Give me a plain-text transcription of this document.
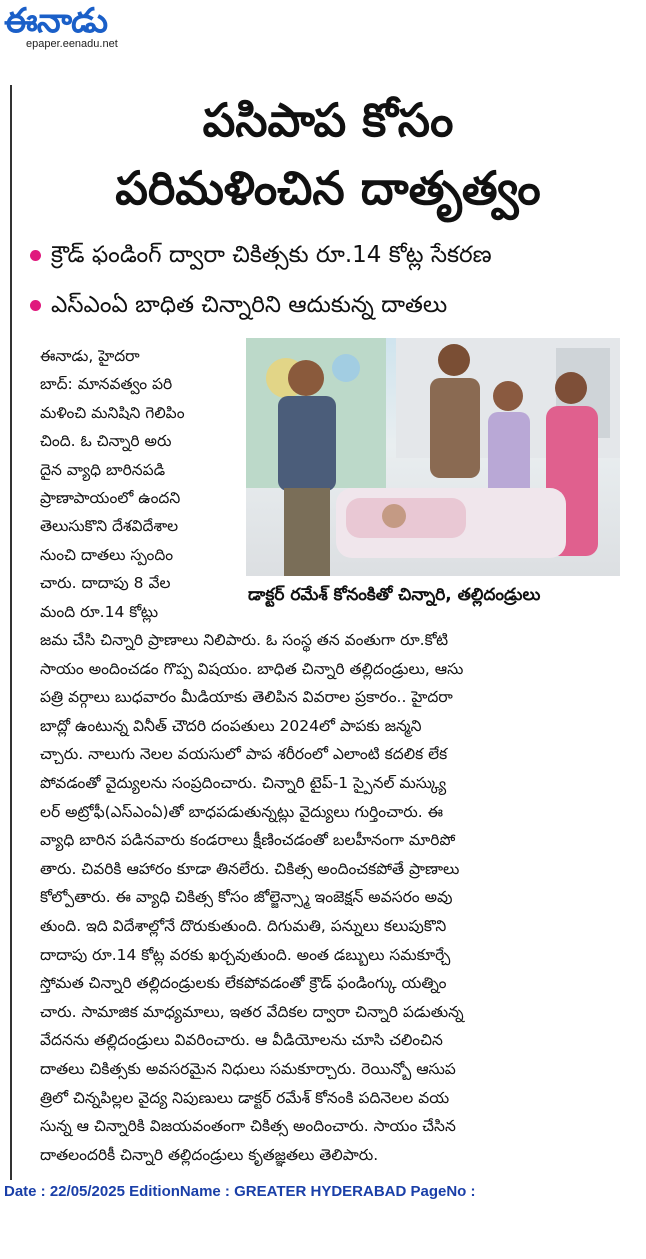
ఈనాడు
epaper.eenadu.net
పసిపాప కోసం
పరిమళించిన దాతృత్వం
క్రౌడ్ ఫండింగ్ ద్వారా చికిత్సకు రూ.14 కోట్ల సేకరణ
ఎస్ఎంఏ బాధిత చిన్నారిని ఆదుకున్న దాతలు
ఈనాడు, హైదరా
బాద్: మానవత్వం పరి
మళించి మనిషిని గెలిపిం
చింది. ఓ చిన్నారి అరు
దైన వ్యాధి బారినపడి
ప్రాణాపాయంలో ఉందని
తెలుసుకొని దేశవిదేశాల
నుంచి దాతలు స్పందిం
చారు. దాదాపు 8 వేల
మంది రూ.14 కోట్లు
జమ చేసి చిన్నారి ప్రాణాలు నిలిపారు. ఓ సంస్థ తన వంతుగా రూ.కోటి
సాయం అందించడం గొప్ప విషయం. బాధిత చిన్నారి తల్లిదండ్రులు, ఆసు
పత్రి వర్గాలు బుధవారం మీడియాకు తెలిపిన వివరాల ప్రకారం.. హైదరా
బాద్లో ఉంటున్న వినీత్ చౌదరి దంపతులు 2024లో పాపకు జన్మని
చ్చారు. నాలుగు నెలల వయసులో పాప శరీరంలో ఎలాంటి కదలిక లేక
పోవడంతో వైద్యులను సంప్రదించారు. చిన్నారి టైప్-1 స్పైనల్ మస్క్యు
లర్ అట్రోఫీ(ఎస్ఎంఏ)తో బాధపడుతున్నట్లు వైద్యులు గుర్తించారు. ఈ
వ్యాధి బారిన పడినవారు కండరాలు క్షీణించడంతో బలహీనంగా మారిపో
తారు. చివరికి ఆహారం కూడా తినలేరు. చికిత్స అందించకపోతే ప్రాణాలు
కోల్పోతారు. ఈ వ్యాధి చికిత్స కోసం జోల్జెన్స్మా ఇంజెక్షన్ అవసరం అవు
తుంది. ఇది విదేశాల్లోనే దొరుకుతుంది. దిగుమతి, పన్నులు కలుపుకొని
దాదాపు రూ.14 కోట్ల వరకు ఖర్చవుతుంది. అంత డబ్బులు సమకూర్చే
స్తోమత చిన్నారి తల్లిదండ్రులకు లేకపోవడంతో క్రౌడ్ ఫండింగ్కు యత్నిం
చారు. సామాజిక మాధ్యమాలు, ఇతర వేదికల ద్వారా చిన్నారి పడుతున్న
వేదనను తల్లిదండ్రులు వివరించారు. ఆ వీడియోలను చూసి చలించిన
దాతలు చికిత్సకు అవసరమైన నిధులు సమకూర్చారు. రెయిన్బో ఆసుప
త్రిలో చిన్నపిల్లల వైద్య నిపుణులు డాక్టర్ రమేశ్ కోనంకి పదినెలల వయ
సున్న ఆ చిన్నారికి విజయవంతంగా చికిత్స అందించారు. సాయం చేసిన
దాతలందరికీ చిన్నారి తల్లిదండ్రులు కృతజ్ఞతలు తెలిపారు.
డాక్టర్ రమేశ్ కోనంకితో చిన్నారి, తల్లిదండ్రులు
Date : 22/05/2025 EditionName : GREATER HYDERABAD PageNo :
